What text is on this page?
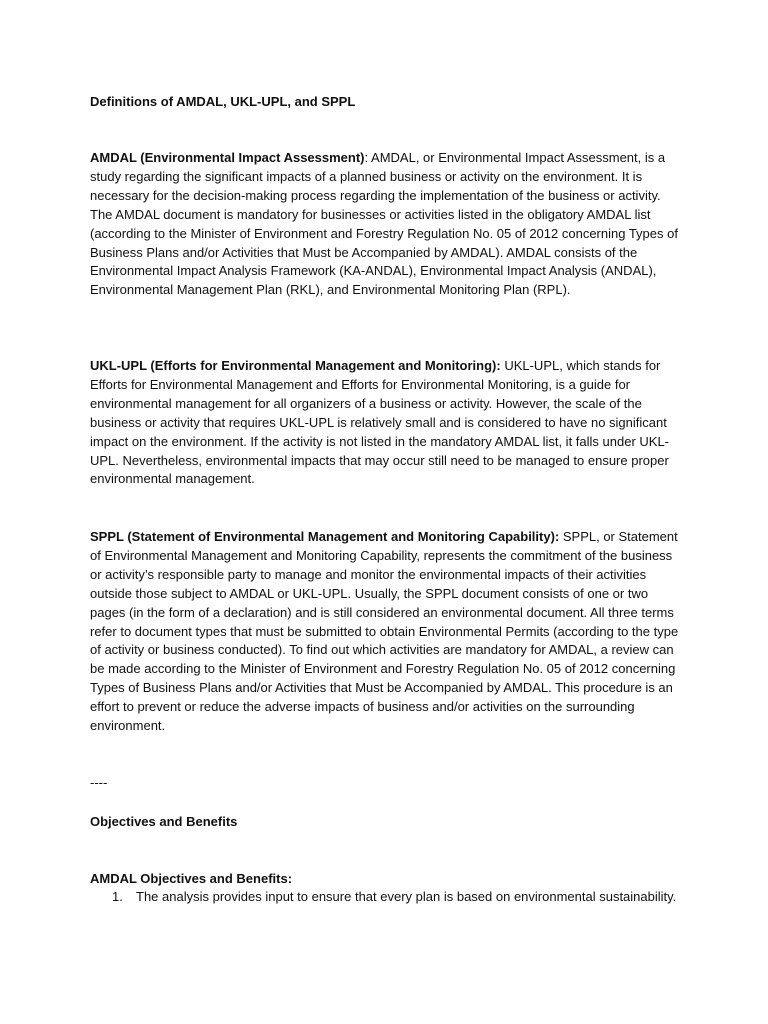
Definitions of AMDAL, UKL-UPL, and SPPL

AMDAL (Environmental Impact Assessment): AMDAL, or Environmental Impact Assessment, is a study regarding the significant impacts of a planned business or activity on the environment. It is necessary for the decision-making process regarding the implementation of the business or activity. The AMDAL document is mandatory for businesses or activities listed in the obligatory AMDAL list (according to the Minister of Environment and Forestry Regulation No. 05 of 2012 concerning Types of Business Plans and/or Activities that Must be Accompanied by AMDAL). AMDAL consists of the Environmental Impact Analysis Framework (KA-ANDAL), Environmental Impact Analysis (ANDAL), Environmental Management Plan (RKL), and Environmental Monitoring Plan (RPL).

UKL-UPL (Efforts for Environmental Management and Monitoring): UKL-UPL, which stands for Efforts for Environmental Management and Efforts for Environmental Monitoring, is a guide for environmental management for all organizers of a business or activity. However, the scale of the business or activity that requires UKL-UPL is relatively small and is considered to have no significant impact on the environment. If the activity is not listed in the mandatory AMDAL list, it falls under UKL-UPL. Nevertheless, environmental impacts that may occur still need to be managed to ensure proper environmental management.

SPPL (Statement of Environmental Management and Monitoring Capability): SPPL, or Statement of Environmental Management and Monitoring Capability, represents the commitment of the business or activity’s responsible party to manage and monitor the environmental impacts of their activities outside those subject to AMDAL or UKL-UPL. Usually, the SPPL document consists of one or two pages (in the form of a declaration) and is still considered an environmental document. All three terms refer to document types that must be submitted to obtain Environmental Permits (according to the type of activity or business conducted). To find out which activities are mandatory for AMDAL, a review can be made according to the Minister of Environment and Forestry Regulation No. 05 of 2012 concerning Types of Business Plans and/or Activities that Must be Accompanied by AMDAL. This procedure is an effort to prevent or reduce the adverse impacts of business and/or activities on the surrounding environment.

----

Objectives and Benefits

AMDAL Objectives and Benefits:

1. The analysis provides input to ensure that every plan is based on environmental sustainability.
